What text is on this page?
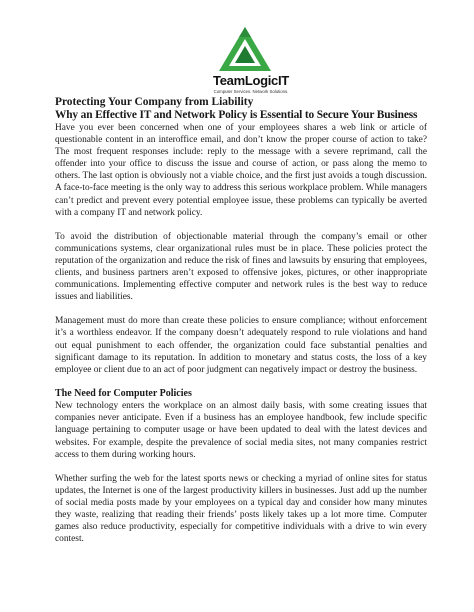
TeamLogicIT
Computer Services. Network Solutions.

Protecting Your Company from Liability

Why an Effective IT and Network Policy is Essential to Secure Your Business

Have you ever been concerned when one of your employees shares a web link or article of questionable content in an interoffice email, and don’t know the proper course of action to take? The most frequent responses include: reply to the message with a severe reprimand, call the offender into your office to discuss the issue and course of action, or pass along the memo to others. The last option is obviously not a viable choice, and the first just avoids a tough discussion. A face-to-face meeting is the only way to address this serious workplace problem. While managers can’t predict and prevent every potential employee issue, these problems can typically be averted with a company IT and network policy.

To avoid the distribution of objectionable material through the company’s email or other communications systems, clear organizational rules must be in place. These policies protect the reputation of the organization and reduce the risk of fines and lawsuits by ensuring that employees, clients, and business partners aren’t exposed to offensive jokes, pictures, or other inappropriate communications. Implementing effective computer and network rules is the best way to reduce issues and liabilities.

Management must do more than create these policies to ensure compliance; without enforcement it’s a worthless endeavor. If the company doesn’t adequately respond to rule violations and hand out equal punishment to each offender, the organization could face substantial penalties and significant damage to its reputation. In addition to monetary and status costs, the loss of a key employee or client due to an act of poor judgment can negatively impact or destroy the business.

The Need for Computer Policies

New technology enters the workplace on an almost daily basis, with some creating issues that companies never anticipate. Even if a business has an employee handbook, few include specific language pertaining to computer usage or have been updated to deal with the latest devices and websites. For example, despite the prevalence of social media sites, not many companies restrict access to them during working hours.

Whether surfing the web for the latest sports news or checking a myriad of online sites for status updates, the Internet is one of the largest productivity killers in businesses. Just add up the number of social media posts made by your employees on a typical day and consider how many minutes they waste, realizing that reading their friends’ posts likely takes up a lot more time. Computer games also reduce productivity, especially for competitive individuals with a drive to win every contest.
